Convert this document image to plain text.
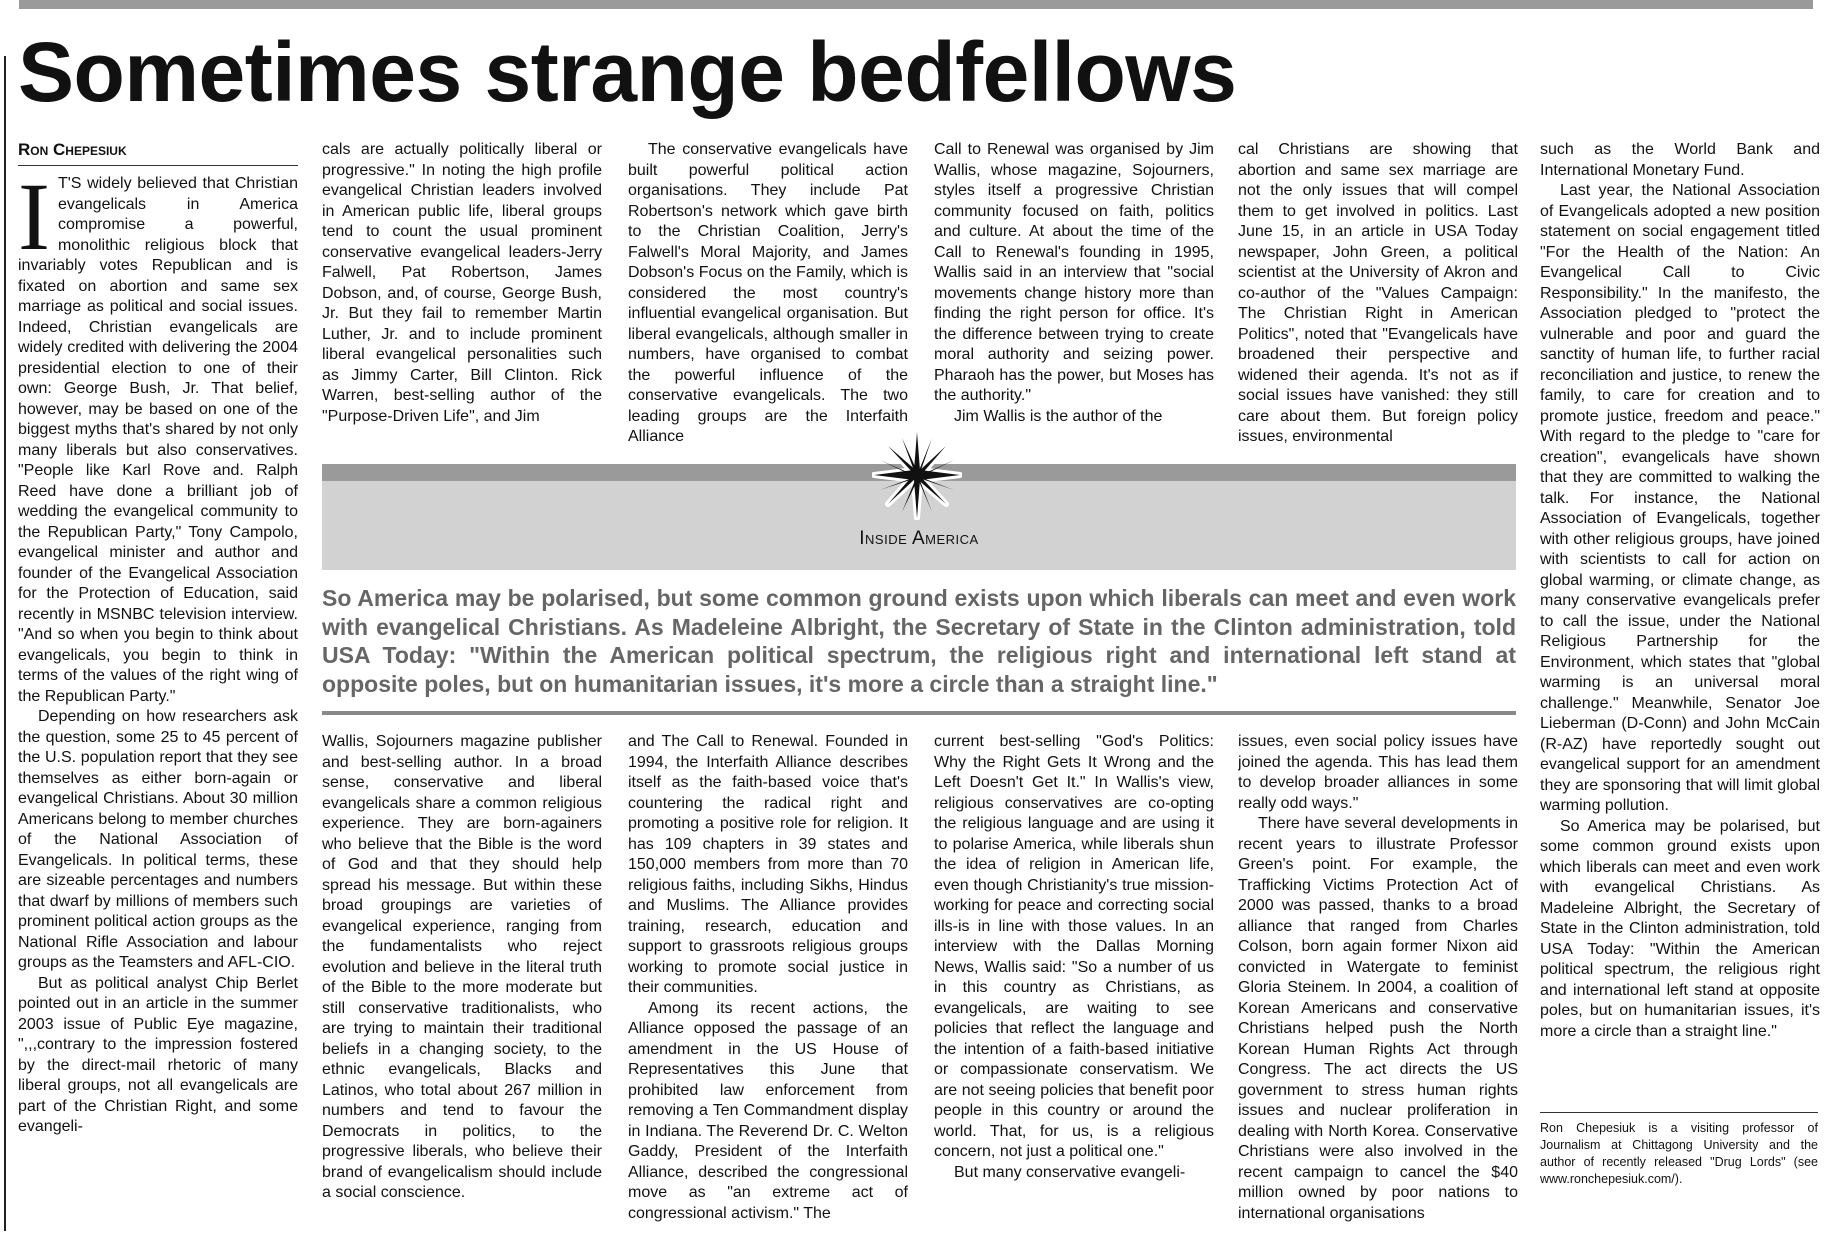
Sometimes strange bedfellows
Ron Chepesiuk

I T'S widely believed that Christian evangelicals in America compromise a powerful, monolithic religious block that invariably votes Republican and is fixated on abortion and same sex marriage as political and social issues. Indeed, Christian evangelicals are widely credited with delivering the 2004 presidential election to one of their own: George Bush, Jr. That belief, however, may be based on one of the biggest myths that's shared by not only many liberals but also conservatives. "People like Karl Rove and. Ralph Reed have done a brilliant job of wedding the evangelical community to the Republican Party," Tony Campolo, evangelical minister and author and founder of the Evangelical Association for the Protection of Education, said recently in MSNBC television interview. "And so when you begin to think about evangelicals, you begin to think in terms of the values of the right wing of the Republican Party."

Depending on how researchers ask the question, some 25 to 45 percent of the U.S. population report that they see themselves as either born-again or evangelical Christians. About 30 million Americans belong to member churches of the National Association of Evangelicals. In political terms, these are sizeable percentages and numbers that dwarf by millions of members such prominent political action groups as the National Rifle Association and labour groups as the Teamsters and AFL-CIO.

But as political analyst Chip Berlet pointed out in an article in the summer 2003 issue of Public Eye magazine, ",,,contrary to the impression fostered by the direct-mail rhetoric of many liberal groups, not all evangelicals are part of the Christian Right, and some evangeli-

cals are actually politically liberal or progressive." In noting the high profile evangelical Christian leaders involved in American public life, liberal groups tend to count the usual prominent conservative evangelical leaders-Jerry Falwell, Pat Robertson, James Dobson, and, of course, George Bush, Jr. But they fail to remember Martin Luther, Jr. and to include prominent liberal evangelical personalities such as Jimmy Carter, Bill Clinton. Rick Warren, best-selling author of the "Purpose-Driven Life", and Jim

The conservative evangelicals have built powerful political action organisations. They include Pat Robertson's network which gave birth to the Christian Coalition, Jerry's Falwell's Moral Majority, and James Dobson's Focus on the Family, which is considered the most country's influential evangelical organisation. But liberal evangelicals, although smaller in numbers, have organised to combat the powerful influence of the conservative evangelicals. The two leading groups are the Interfaith Alliance

Call to Renewal was organised by Jim Wallis, whose magazine, Sojourners, styles itself a progressive Christian community focused on faith, politics and culture. At about the time of the Call to Renewal's founding in 1995, Wallis said in an interview that "social movements change history more than finding the right person for office. It's the difference between trying to create moral authority and seizing power. Pharaoh has the power, but Moses has the authority."

Jim Wallis is the author of the

cal Christians are showing that abortion and same sex marriage are not the only issues that will compel them to get involved in politics. Last June 15, in an article in USA Today newspaper, John Green, a political scientist at the University of Akron and co-author of the "Values Campaign: The Christian Right in American Politics", noted that "Evangelicals have broadened their perspective and widened their agenda. It's not as if social issues have vanished: they still care about them. But foreign policy issues, environmental

such as the World Bank and International Monetary Fund.

Last year, the National Association of Evangelicals adopted a new position statement on social engagement titled "For the Health of the Nation: An Evangelical Call to Civic Responsibility." In the manifesto, the Association pledged to "protect the vulnerable and poor and guard the sanctity of human life, to further racial reconciliation and justice, to renew the family, to care for creation and to promote justice, freedom and peace." With regard to the pledge to "care for creation", evangelicals have shown that they are committed to walking the talk. For instance, the National Association of Evangelicals, together with other religious groups, have joined with scientists to call for action on global warming, or climate change, as many conservative evangelicals prefer to call the issue, under the National Religious Partnership for the Environment, which states that "global warming is an universal moral challenge." Meanwhile, Senator Joe Lieberman (D-Conn) and John McCain (R-AZ) have reportedly sought out evangelical support for an amendment they are sponsoring that will limit global warming pollution.

So America may be polarised, but some common ground exists upon which liberals can meet and even work with evangelical Christians. As Madeleine Albright, the Secretary of State in the Clinton administration, told USA Today: "Within the American political spectrum, the religious right and international left stand at opposite poles, but on humanitarian issues, it's more a circle than a straight line."

Inside America

So America may be polarised, but some common ground exists upon which liberals can meet and even work with evangelical Christians. As Madeleine Albright, the Secretary of State in the Clinton administration, told USA Today: "Within the American political spectrum, the religious right and international left stand at opposite poles, but on humanitarian issues, it's more a circle than a straight line."

Wallis, Sojourners magazine publisher and best-selling author. In a broad sense, conservative and liberal evangelicals share a common religious experience. They are born-againers who believe that the Bible is the word of God and that they should help spread his message. But within these broad groupings are varieties of evangelical experience, ranging from the fundamentalists who reject evolution and believe in the literal truth of the Bible to the more moderate but still conservative traditionalists, who are trying to maintain their traditional beliefs in a changing society, to the ethnic evangelicals, Blacks and Latinos, who total about 267 million in numbers and tend to favour the Democrats in politics, to the progressive liberals, who believe their brand of evangelicalism should include a social conscience.

and The Call to Renewal. Founded in 1994, the Interfaith Alliance describes itself as the faith-based voice that's countering the radical right and promoting a positive role for religion. It has 109 chapters in 39 states and 150,000 members from more than 70 religious faiths, including Sikhs, Hindus and Muslims. The Alliance provides training, research, education and support to grassroots religious groups working to promote social justice in their communities.

Among its recent actions, the Alliance opposed the passage of an amendment in the US House of Representatives this June that prohibited law enforcement from removing a Ten Commandment display in Indiana. The Reverend Dr. C. Welton Gaddy, President of the Interfaith Alliance, described the congressional move as "an extreme act of congressional activism." The

current best-selling "God's Politics: Why the Right Gets It Wrong and the Left Doesn't Get It." In Wallis's view, religious conservatives are co-opting the religious language and are using it to polarise America, while liberals shun the idea of religion in American life, even though Christianity's true mission-working for peace and correcting social ills-is in line with those values. In an interview with the Dallas Morning News, Wallis said: "So a number of us in this country as Christians, as evangelicals, are waiting to see policies that reflect the language and the intention of a faith-based initiative or compassionate conservatism. We are not seeing policies that benefit poor people in this country or around the world. That, for us, is a religious concern, not just a political one."

But many conservative evangeli-

issues, even social policy issues have joined the agenda. This has lead them to develop broader alliances in some really odd ways."

There have several developments in recent years to illustrate Professor Green's point. For example, the Trafficking Victims Protection Act of 2000 was passed, thanks to a broad alliance that ranged from Charles Colson, born again former Nixon aid convicted in Watergate to feminist Gloria Steinem. In 2004, a coalition of Korean Americans and conservative Christians helped push the North Korean Human Rights Act through Congress. The act directs the US government to stress human rights issues and nuclear proliferation in dealing with North Korea. Conservative Christians were also involved in the recent campaign to cancel the $40 million owned by poor nations to international organisations

Ron Chepesiuk is a visiting professor of Journalism at Chittagong University and the author of recently released "Drug Lords" (see www.ronchepesiuk.com/).
